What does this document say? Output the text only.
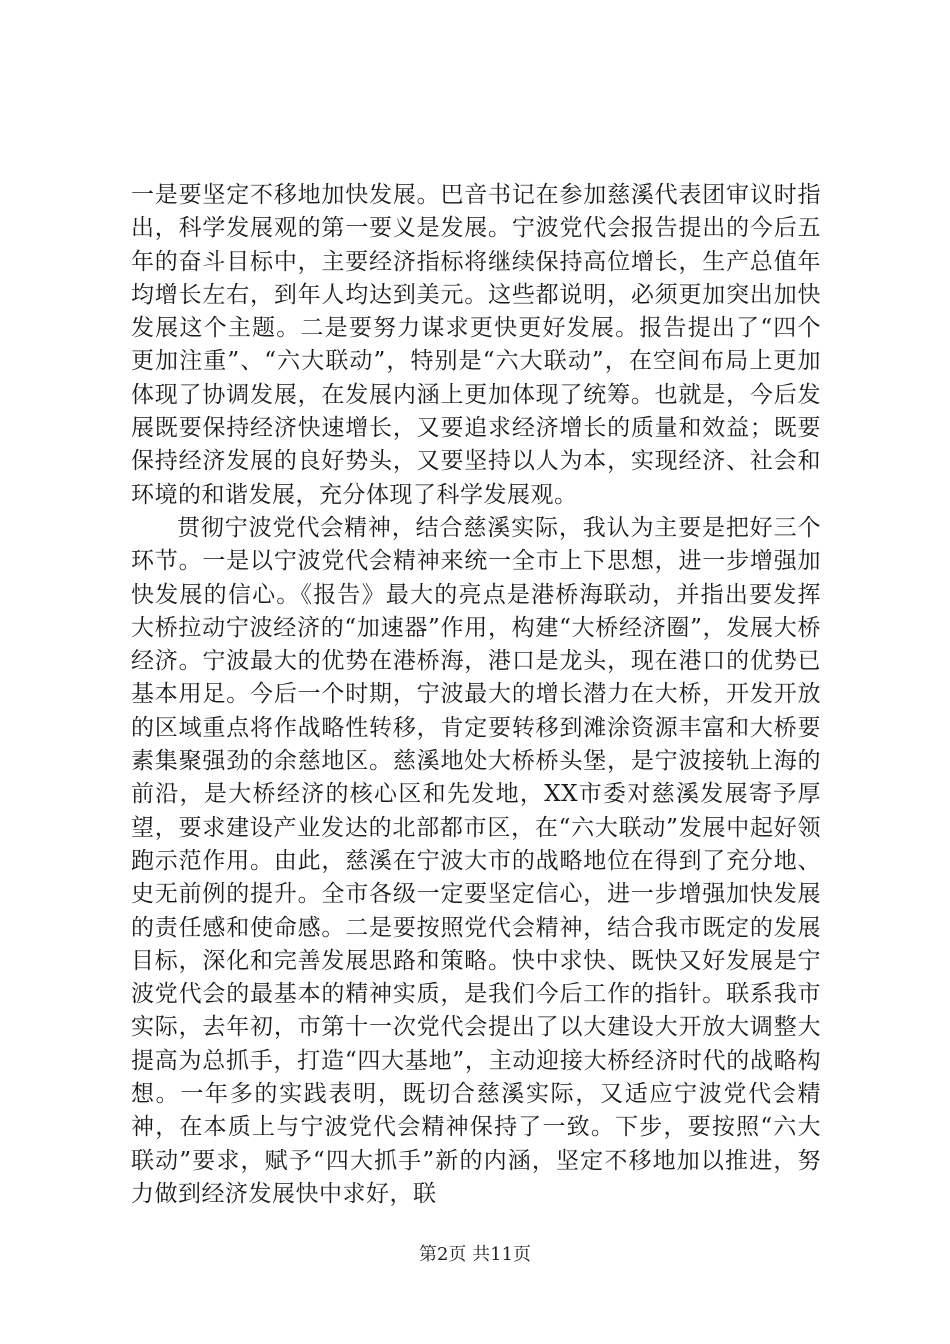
一是要坚定不移地加快发展。巴音书记在参加慈溪代表团审议时指出，科学发展观的第一要义是发展。宁波党代会报告提出的今后五年的奋斗目标中，主要经济指标将继续保持高位增长，生产总值年均增长左右，到年人均达到美元。这些都说明，必须更加突出加快发展这个主题。二是要努力谋求更快更好发展。报告提出了“四个更加注重”、“六大联动”，特别是“六大联动”，在空间布局上更加体现了协调发展，在发展内涵上更加体现了统筹。也就是，今后发展既要保持经济快速增长，又要追求经济增长的质量和效益；既要保持经济发展的良好势头，又要坚持以人为本，实现经济、社会和环境的和谐发展，充分体现了科学发展观。

贯彻宁波党代会精神，结合慈溪实际，我认为主要是把好三个环节。一是以宁波党代会精神来统一全市上下思想，进一步增强加快发展的信心。《报告》最大的亮点是港桥海联动，并指出要发挥大桥拉动宁波经济的“加速器”作用，构建“大桥经济圈”，发展大桥经济。宁波最大的优势在港桥海，港口是龙头，现在港口的优势已基本用足。今后一个时期，宁波最大的增长潜力在大桥，开发开放的区域重点将作战略性转移，肯定要转移到滩涂资源丰富和大桥要素集聚强劲的余慈地区。慈溪地处大桥桥头堡，是宁波接轨上海的前沿，是大桥经济的核心区和先发地，XX市委对慈溪发展寄予厚望，要求建设产业发达的北部都市区，在“六大联动”发展中起好领跑示范作用。由此，慈溪在宁波大市的战略地位在得到了充分地、史无前例的提升。全市各级一定要坚定信心，进一步增强加快发展的责任感和使命感。二是要按照党代会精神，结合我市既定的发展目标，深化和完善发展思路和策略。快中求快、既快又好发展是宁波党代会的最基本的精神实质，是我们今后工作的指针。联系我市实际，去年初，市第十一次党代会提出了以大建设大开放大调整大提高为总抓手，打造“四大基地”，主动迎接大桥经济时代的战略构想。一年多的实践表明，既切合慈溪实际，又适应宁波党代会精神，在本质上与宁波党代会精神保持了一致。下步，要按照“六大联动”要求，赋予“四大抓手”新的内涵，坚定不移地加以推进，努力做到经济发展快中求好，联

第2页 共11页
